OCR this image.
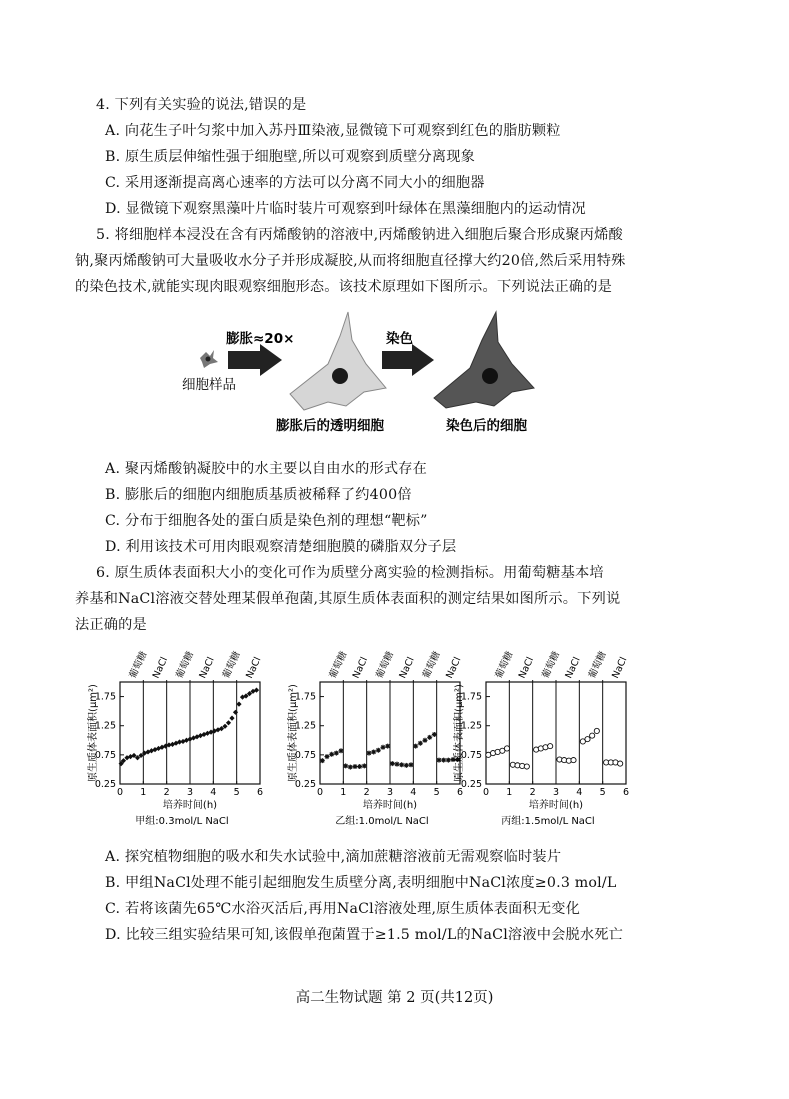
4. 下列有关实验的说法,错误的是
A. 向花生子叶匀浆中加入苏丹Ⅲ染液,显微镜下可观察到红色的脂肪颗粒
B. 原生质层伸缩性强于细胞壁,所以可观察到质壁分离现象
C. 采用逐渐提高离心速率的方法可以分离不同大小的细胞器
D. 显微镜下观察黑藻叶片临时装片可观察到叶绿体在黑藻细胞内的运动情况
5. 将细胞样本浸没在含有丙烯酸钠的溶液中,丙烯酸钠进入细胞后聚合形成聚丙烯酸
钠,聚丙烯酸钠可大量吸收水分子并形成凝胶,从而将细胞直径撑大约20倍,然后采用特殊
的染色技术,就能实现肉眼观察细胞形态。该技术原理如下图所示。下列说法正确的是
细胞样品
膨胀≈20×
膨胀后的透明细胞
染色
染色后的细胞
A. 聚丙烯酸钠凝胶中的水主要以自由水的形式存在
B. 膨胀后的细胞内细胞质基质被稀释了约400倍
C. 分布于细胞各处的蛋白质是染色剂的理想“靶标”
D. 利用该技术可用肉眼观察清楚细胞膜的磷脂双分子层
6. 原生质体表面积大小的变化可作为质壁分离实验的检测指标。用葡萄糖基本培
养基和NaCl溶液交替处理某假单孢菌,其原生质体表面积的测定结果如图所示。下列说
法正确的是
葡萄糖 NaCl 葡萄糖 NaCl 葡萄糖 NaCl
0.25
0.75
1.25
1.75
0 1 2 3 4 5 6
培养时间(h)
原生质体表面积(μm²)
甲组:0.3mol/L NaCl
葡萄糖 NaCl 葡萄糖 NaCl 葡萄糖 NaCl
0.25
0.75
1.25
1.75
0 1 2 3 4 5 6
培养时间(h)
原生质体表面积(μm²)
乙组:1.0mol/L NaCl
葡萄糖 NaCl 葡萄糖 NaCl 葡萄糖 NaCl
0.25
0.75
1.25
1.75
0 1 2 3 4 5 6
培养时间(h)
原生质体表面积(μm²)
丙组:1.5mol/L NaCl
A. 探究植物细胞的吸水和失水试验中,滴加蔗糖溶液前无需观察临时装片
B. 甲组NaCl处理不能引起细胞发生质壁分离,表明细胞中NaCl浓度≥0.3 mol/L
C. 若将该菌先65℃水浴灭活后,再用NaCl溶液处理,原生质体表面积无变化
D. 比较三组实验结果可知,该假单孢菌置于≥1.5 mol/L的NaCl溶液中会脱水死亡
高二生物试题 第 2 页(共12页)
